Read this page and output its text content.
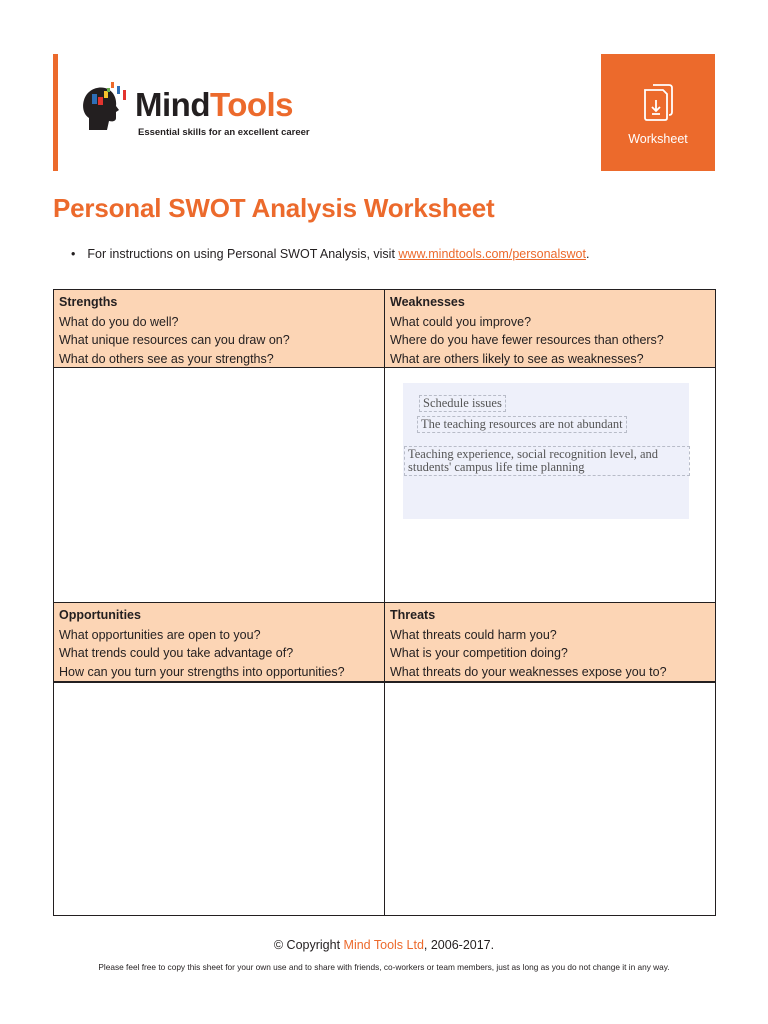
MindTools
Essential skills for an excellent career	Worksheet
Personal SWOT Analysis Worksheet
• For instructions on using Personal SWOT Analysis, visit www.mindtools.com/personalswot.
Strengths
What do you do well?
What unique resources can you draw on?
What do others see as your strengths?
Weaknesses
What could you improve?
Where do you have fewer resources than others?
What are others likely to see as weaknesses?
Opportunities
What opportunities are open to you?
What trends could you take advantage of?
How can you turn your strengths into opportunities?
Threats
What threats could harm you?
What is your competition doing?
What threats do your weaknesses expose you to?
Schedule issues
The teaching resources are not abundant
Teaching experience, social recognition level, and students' campus life time planning
© Copyright Mind Tools Ltd, 2006-2017.
Please feel free to copy this sheet for your own use and to share with friends, co-workers or team members, just as long as you do not change it in any way.
